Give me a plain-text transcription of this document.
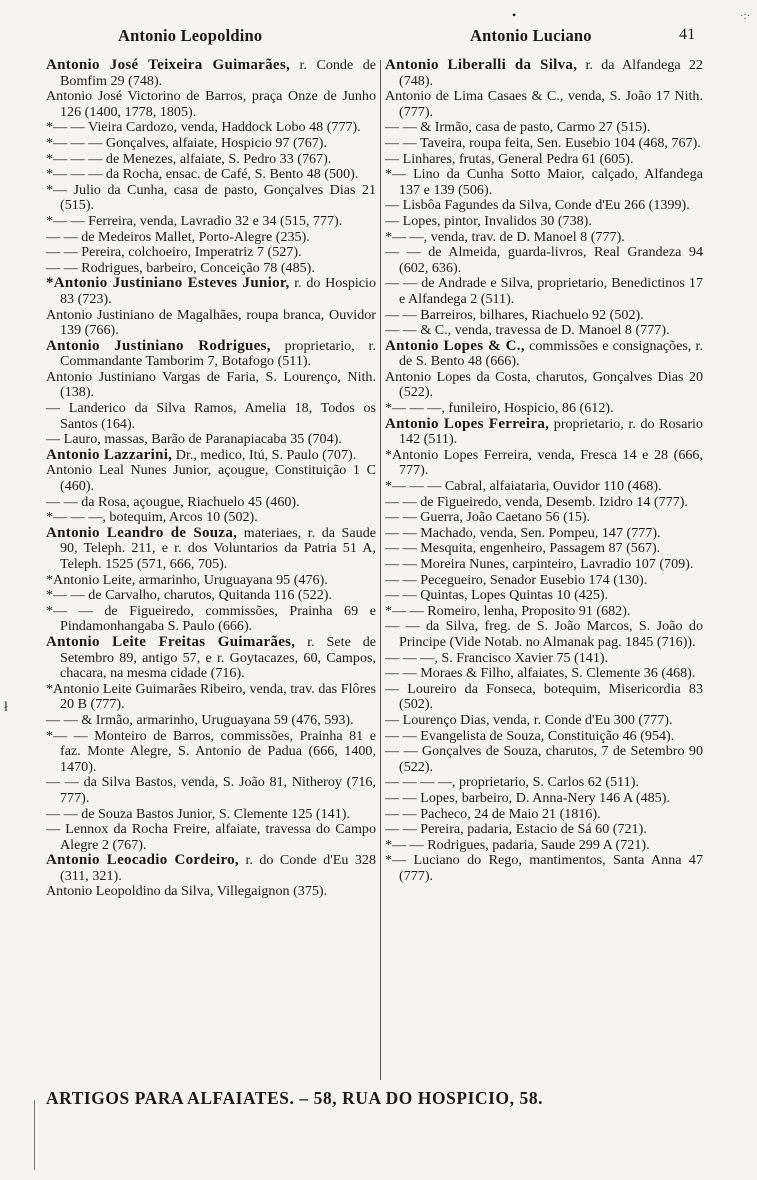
•	·:·
Antonio Leopoldino	Antonio Luciano	41

Antonio José Teixeira Guimarães, r. Conde de Bomfim 29 (748).

Antonio José Victorino de Barros, praça Onze de Junho 126 (1400, 1778, 1805).

*— — Vieira Cardozo, venda, Haddock Lobo 48 (777).

*— — — Gonçalves, alfaiate, Hospicio 97 (767).

*— — — de Menezes, alfaiate, S. Pedro 33 (767).

*— — — da Rocha, ensac. de Café, S. Bento 48 (500).

*— Julio da Cunha, casa de pasto, Gonçalves Dias 21 (515).

*— — Ferreira, venda, Lavradio 32 e 34 (515, 777).

— — de Medeiros Mallet, Porto-Alegre (235).

— — Pereira, colchoeiro, Imperatriz 7 (527).

— — Rodrigues, barbeiro, Conceição 78 (485).

*Antonio Justiniano Esteves Junior, r. do Hospicio 83 (723).

Antonio Justiniano de Magalhães, roupa branca, Ouvidor 139 (766).

Antonio Justiniano Rodrigues, proprietario, r. Commandante Tamborim 7, Botafogo (511).

Antonio Justiniano Vargas de Faria, S. Lourenço, Nith. (138).

— Landerico da Silva Ramos, Amelia 18, Todos os Santos (164).

— Lauro, massas, Barão de Paranapiacaba 35 (704).

Antonio Lazzarini, Dr., medico, Itú, S. Paulo (707).

Antonio Leal Nunes Junior, açougue, Constituição 1 C (460).

— — da Rosa, açougue, Riachuelo 45 (460).

*— — —, botequim, Arcos 10 (502).

Antonio Leandro de Souza, materiaes, r. da Saude 90, Teleph. 211, e r. dos Voluntarios da Patria 51 A, Teleph. 1525 (571, 666, 705).

*Antonio Leite, armarinho, Uruguayana 95 (476).

*— — de Carvalho, charutos, Quitanda 116 (522).

*— — de Figueiredo, commissões, Prainha 69 e Pindamonhangaba S. Paulo (666).

Antonio Leite Freitas Guimarães, r. Sete de Setembro 89, antigo 57, e r. Goytacazes, 60, Campos, chacara, na mesma cidade (716).

*Antonio Leite Guimarães Ribeiro, venda, trav. das Flôres 20 B (777).

— — & Irmão, armarinho, Uruguayana 59 (476, 593).

*— — Monteiro de Barros, commissões, Prainha 81 e faz. Monte Alegre, S. Antonio de Padua (666, 1400, 1470).

— — da Silva Bastos, venda, S. João 81, Nitheroy (716, 777).

— — de Souza Bastos Junior, S. Clemente 125 (141).

— Lennox da Rocha Freire, alfaiate, travessa do Campo Alegre 2 (767).

Antonio Leocadio Cordeiro, r. do Conde d'Eu 328 (311, 321).

Antonio Leopoldino da Silva, Villegaignon (375).

Antonio Liberalli da Silva, r. da Alfandega 22 (748).

Antonio de Lima Casaes & C., venda, S. João 17 Nith. (777).

— — & Irmão, casa de pasto, Carmo 27 (515).

— — Taveira, roupa feita, Sen. Eusebio 104 (468, 767).

— Linhares, frutas, General Pedra 61 (605).

*— Lino da Cunha Sotto Maior, calçado, Alfandega 137 e 139 (506).

— Lisbôa Fagundes da Silva, Conde d'Eu 266 (1399).

— Lopes, pintor, Invalidos 30 (738).

*— —, venda, trav. de D. Manoel 8 (777).

— — de Almeida, guarda-livros, Real Grandeza 94 (602, 636).

— — de Andrade e Silva, proprietario, Benedictinos 17 e Alfandega 2 (511).

— — Barreiros, bilhares, Riachuelo 92 (502).

— — & C., venda, travessa de D. Manoel 8 (777).

Antonio Lopes & C., commissões e consignações, r. de S. Bento 48 (666).

Antonio Lopes da Costa, charutos, Gonçalves Dias 20 (522).

*— — —, funileiro, Hospicio, 86 (612).

Antonio Lopes Ferreira, proprietario, r. do Rosario 142 (511).

*Antonio Lopes Ferreira, venda, Fresca 14 e 28 (666, 777).

*— — — Cabral, alfaiataria, Ouvidor 110 (468).

— — de Figueiredo, venda, Desemb. Izidro 14 (777).

— — Guerra, João Caetano 56 (15).

— — Machado, venda, Sen. Pompeu, 147 (777).

— — Mesquita, engenheiro, Passagem 87 (567).

— — Moreira Nunes, carpinteiro, Lavradio 107 (709).

— — Pecegueiro, Senador Eusebio 174 (130).

— — Quintas, Lopes Quintas 10 (425).

*— — Romeiro, lenha, Proposito 91 (682).

— — da Silva, freg. de S. João Marcos, S. João do Principe (Vide Notab. no Almanak pag. 1845 (716)).

— — —, S. Francisco Xavier 75 (141).

— — Moraes & Filho, alfaiates, S. Clemente 36 (468).

— Loureiro da Fonseca, botequim, Misericordia 83 (502).

— Lourenço Dias, venda, r. Conde d'Eu 300 (777).

— — Evangelista de Souza, Constituição 46 (954).

— — Gonçalves de Souza, charutos, 7 de Setembro 90 (522).

— — — —, proprietario, S. Carlos 62 (511).

— — Lopes, barbeiro, D. Anna-Nery 146 A (485).

— — Pacheco, 24 de Maio 21 (1816).

— — Pereira, padaria, Estacio de Sá 60 (721).

*— — Rodrigues, padaria, Saude 299 A (721).

*— Luciano do Rego, mantimentos, Santa Anna 47 (777).

ł
ARTIGOS PARA ALFAIATES. – 58, RUA DO HOSPICIO, 58.
